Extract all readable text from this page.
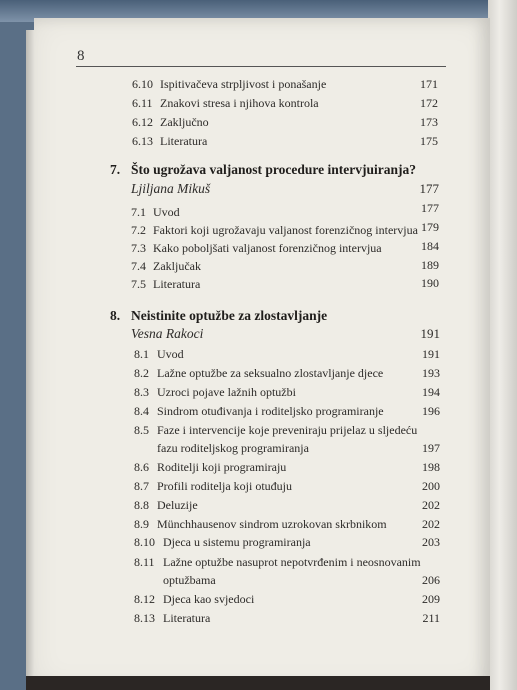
8
6.10 Ispitivačeva strpljivost i ponašanje	171
6.11 Znakovi stresa i njihova kontrola	172
6.12 Zaključno	173
6.13 Literatura	175
7. Što ugrožava valjanost procedure intervjuiranja?
Ljiljana Mikuš	177
7.1 Uvod	177
7.2 Faktori koji ugrožavaju valjanost forenzičnog intervjua 179
7.3 Kako poboljšati valjanost forenzičnog intervjua	184
7.4 Zaključak	189
7.5 Literatura	190
8. Neistinite optužbe za zlostavljanje
Vesna Rakoci	191
8.1 Uvod	191
8.2 Lažne optužbe za seksualno zlostavljanje djece	193
8.3 Uzroci pojave lažnih optužbi	194
8.4 Sindrom otuđivanja i roditeljsko programiranje	196
8.5 Faze i intervencije koje preveniraju prijelaz u sljedeću
fazu roditeljskog programiranja	197
8.6 Roditelji koji programiraju	198
8.7 Profili roditelja koji otuđuju	200
8.8 Deluzije	202
8.9 Münchhausenov sindrom uzrokovan skrbnikom	202
8.10 Djeca u sistemu programiranja	203
8.11 Lažne optužbe nasuprot nepotvrđenim i neosnovanim
optužbama	206
8.12 Djeca kao svjedoci	209
8.13 Literatura	211
